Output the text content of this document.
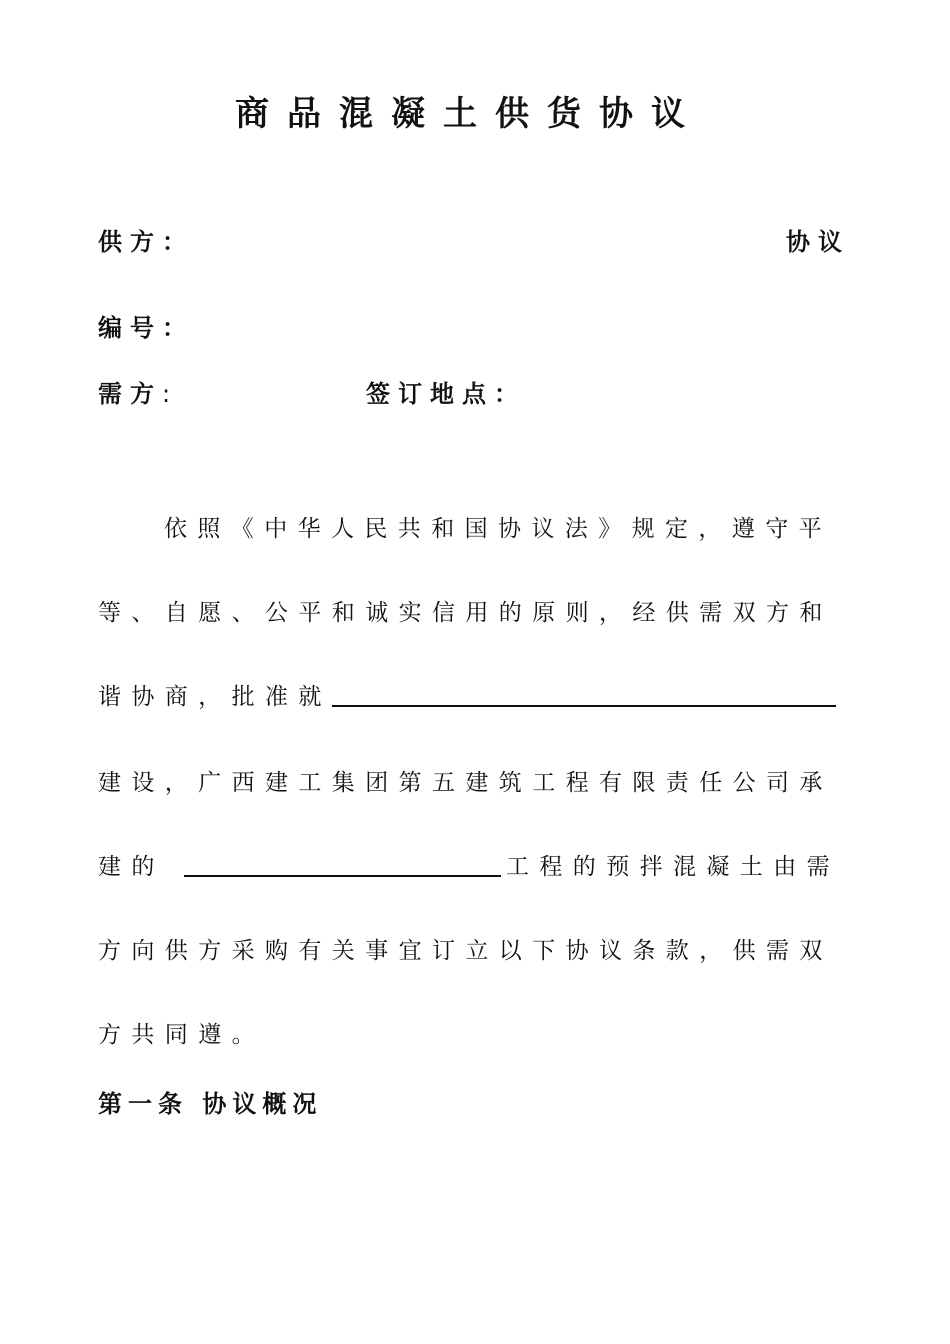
商品混凝土供货协议
供方：	协议
编号：
需方:	签订地点：
依照《中华人民共和国协议法》规定，遵守平
等、自愿、公平和诚实信用的原则，经供需双方和
谐协商，批准就
建设，广西建工集团第五建筑工程有限责任公司承
建的	工程的预拌混凝土由需
方向供方采购有关事宜订立以下协议条款，供需双
方共同遵。
第一条 协议概况
